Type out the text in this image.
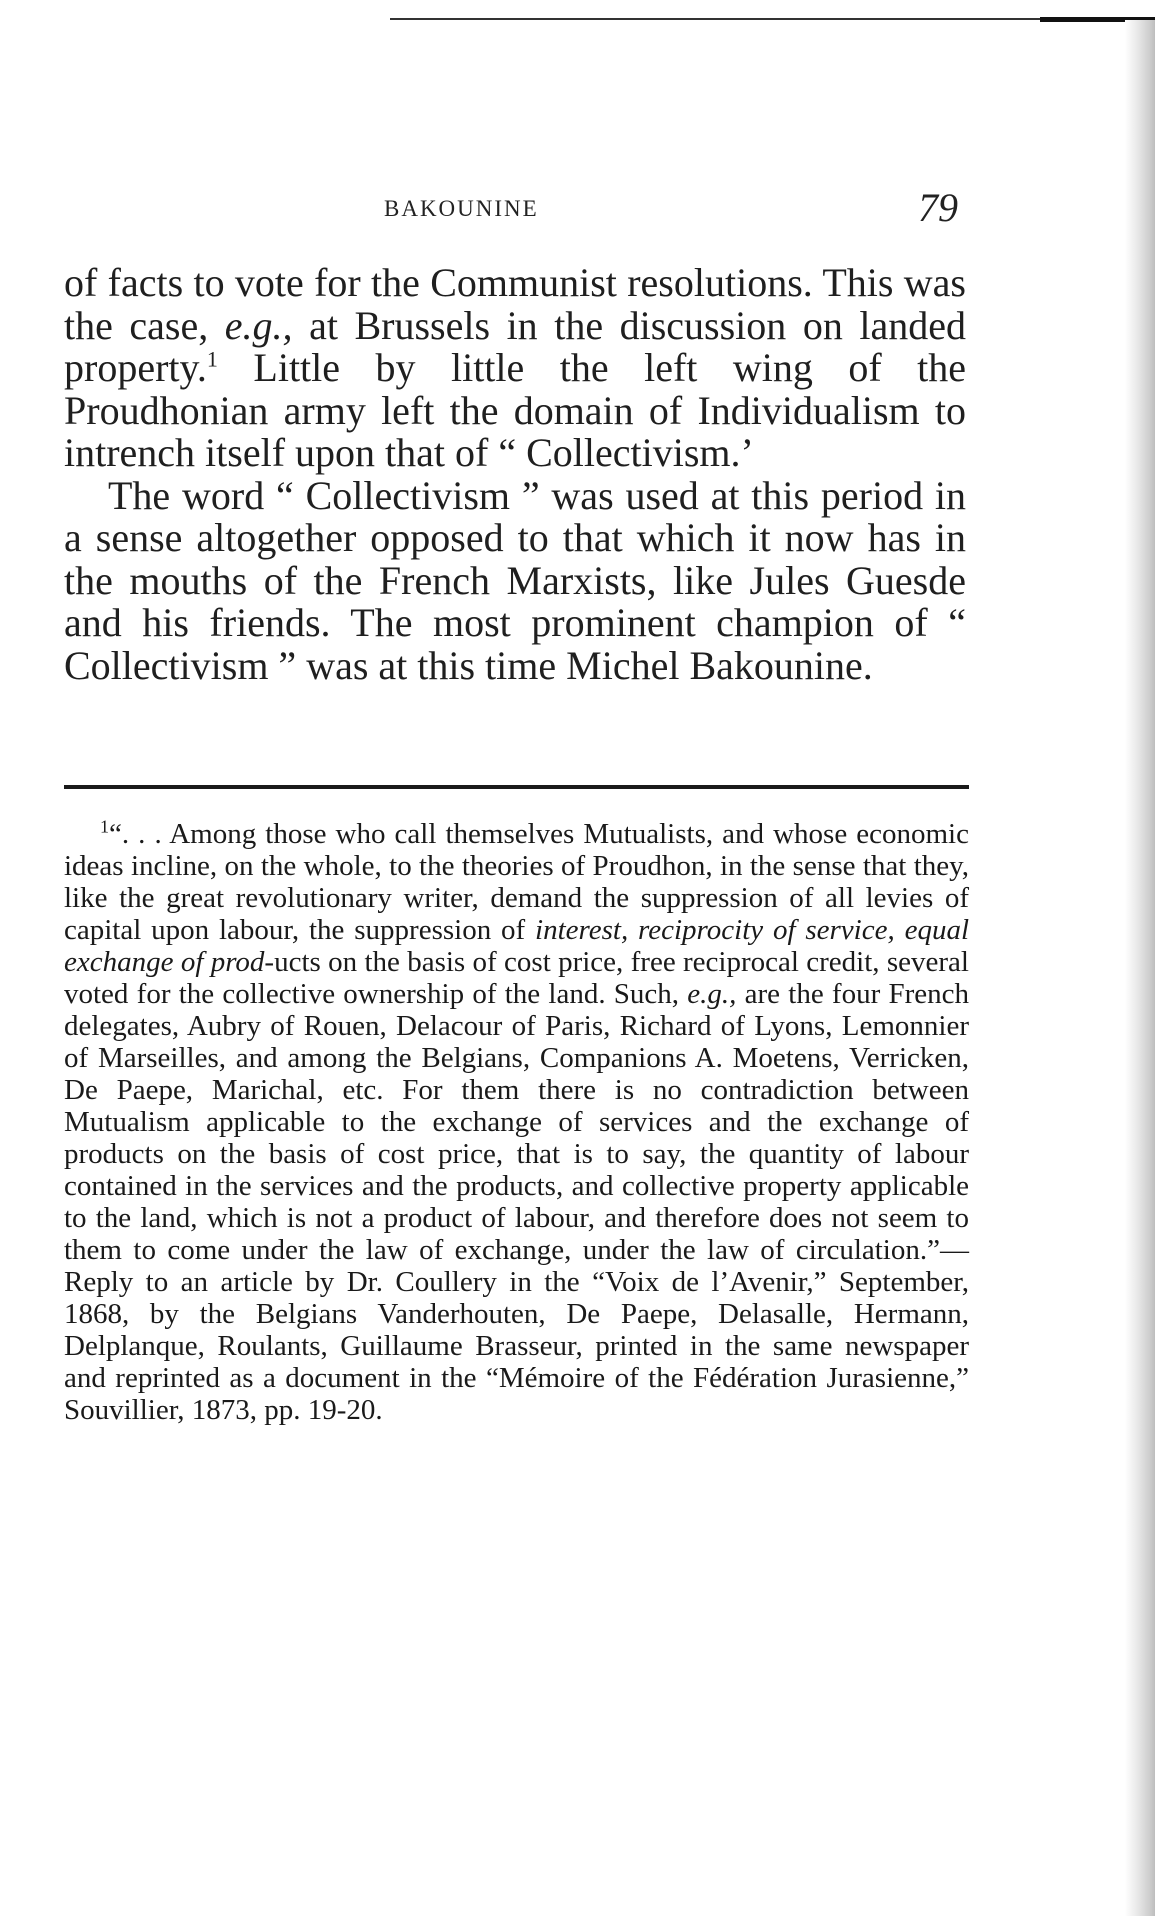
BAKOUNINE	79

of facts to vote for the Communist resolutions. This was the case, e.g., at Brussels in the discussion on landed property.$^1$ Little by little the left wing of the Proudhonian army left the domain of Individualism to intrench itself upon that of “ Collectivism.’

The word “ Collectivism ” was used at this period in a sense altogether opposed to that which it now has in the mouths of the French Marxists, like Jules Guesde and his friends. The most prominent champion of “ Collectivism ” was at this time Michel Bakounine.

$^1$“. . . Among those who call themselves Mutualists, and whose economic ideas incline, on the whole, to the theories of Proudhon, in the sense that they, like the great revolutionary writer, demand the suppression of all levies of capital upon labour, the suppression of interest, reciprocity of service, equal exchange of prod-ucts on the basis of cost price, free reciprocal credit, several voted for the collective ownership of the land. Such, e.g., are the four French delegates, Aubry of Rouen, Delacour of Paris, Richard of Lyons, Lemonnier of Marseilles, and among the Belgians, Companions A. Moetens, Verricken, De Paepe, Marichal, etc. For them there is no contradiction between Mutualism applicable to the exchange of services and the exchange of products on the basis of cost price, that is to say, the quantity of labour contained in the services and the products, and collective property applicable to the land, which is not a product of labour, and therefore does not seem to them to come under the law of exchange, under the law of circulation.”—Reply to an article by Dr. Coullery in the “Voix de l’Avenir,” September, 1868, by the Belgians Vanderhouten, De Paepe, Delasalle, Hermann, Delplanque, Roulants, Guillaume Brasseur, printed in the same newspaper and reprinted as a document in the “Mémoire of the Fédération Jurasienne,” Souvillier, 1873, pp. 19-20.
